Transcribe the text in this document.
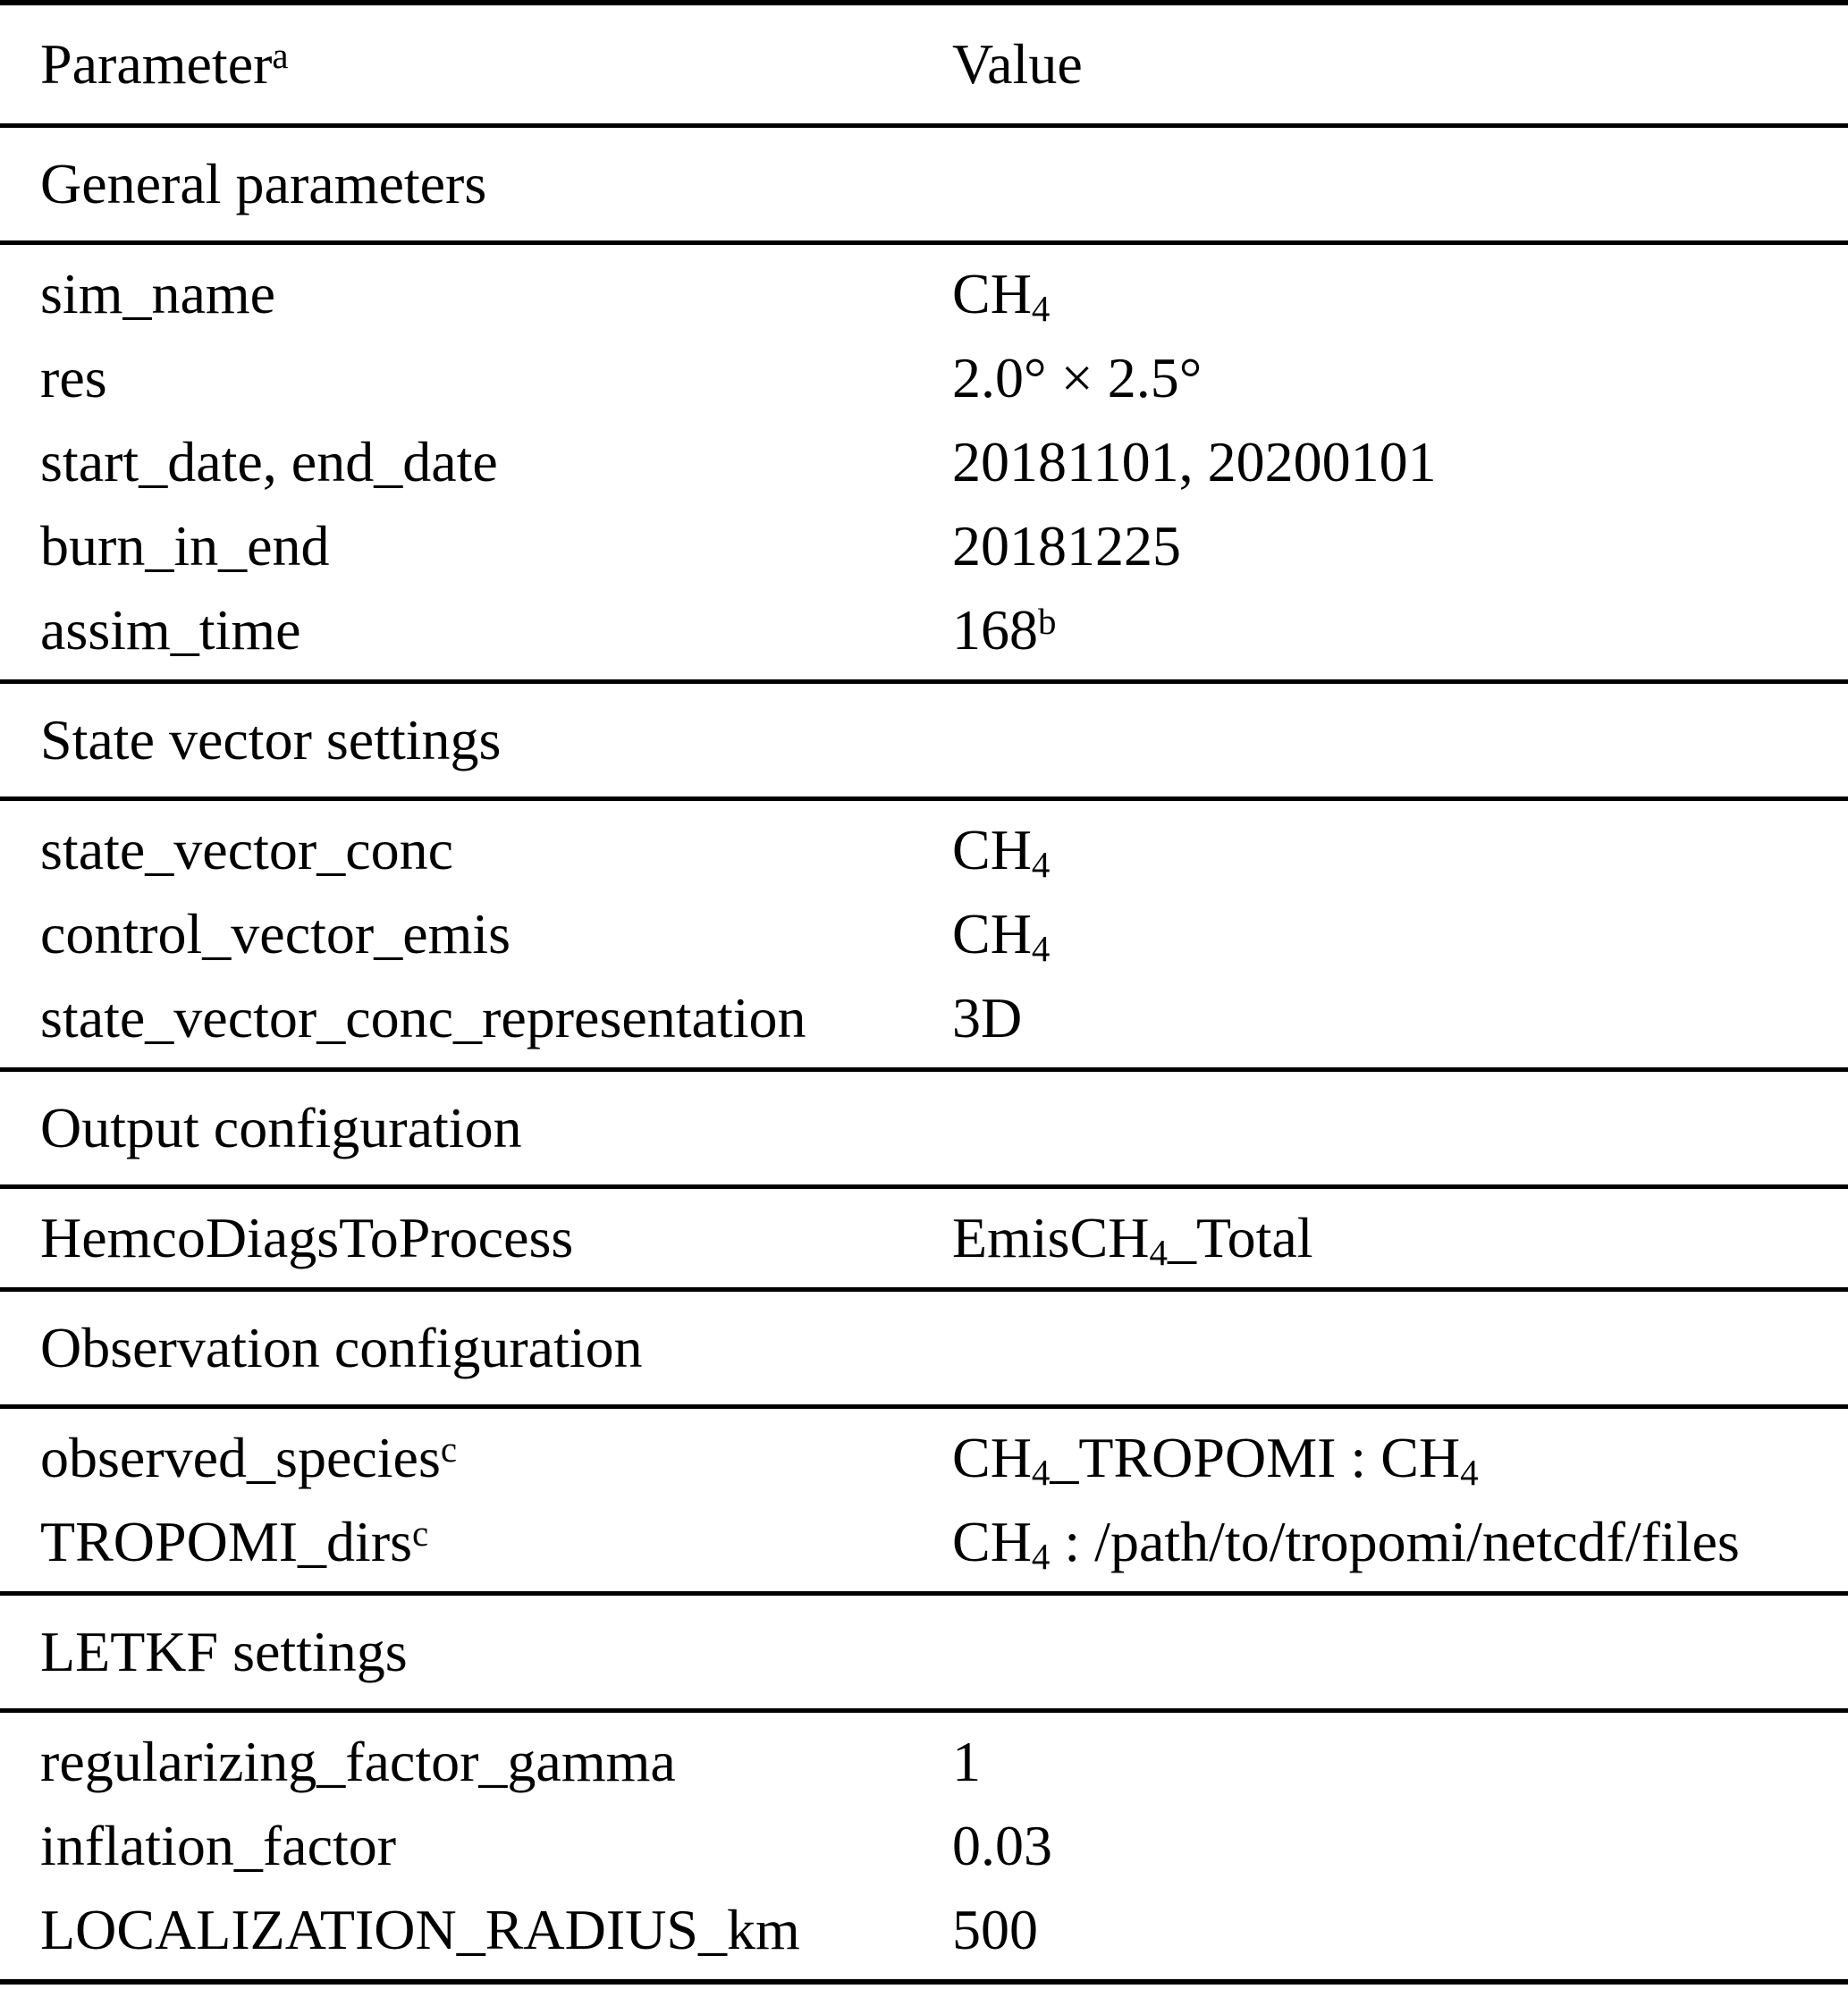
Parameter$^a$	Value
General parameters
sim_name	$CH_4$
res	2.0° × 2.5°
start_date, end_date	20181101, 20200101
burn_in_end	20181225
assim_time	168$^b$
State vector settings
state_vector_conc	$CH_4$
control_vector_emis	$CH_4$
state_vector_conc_representation	3D
Output configuration
HemcoDiagsToProcess	EmisCH$_4$_Total
Observation configuration
observed_species$^c$	$CH_4\_TROPOMI$ : $CH_4$
TROPOMI_dirs$^c$	$CH_4$ : /path/to/tropomi/netcdf/files
LETKF settings
regularizing_factor_gamma	1
inflation_factor	0.03
LOCALIZATION_RADIUS_km	500
